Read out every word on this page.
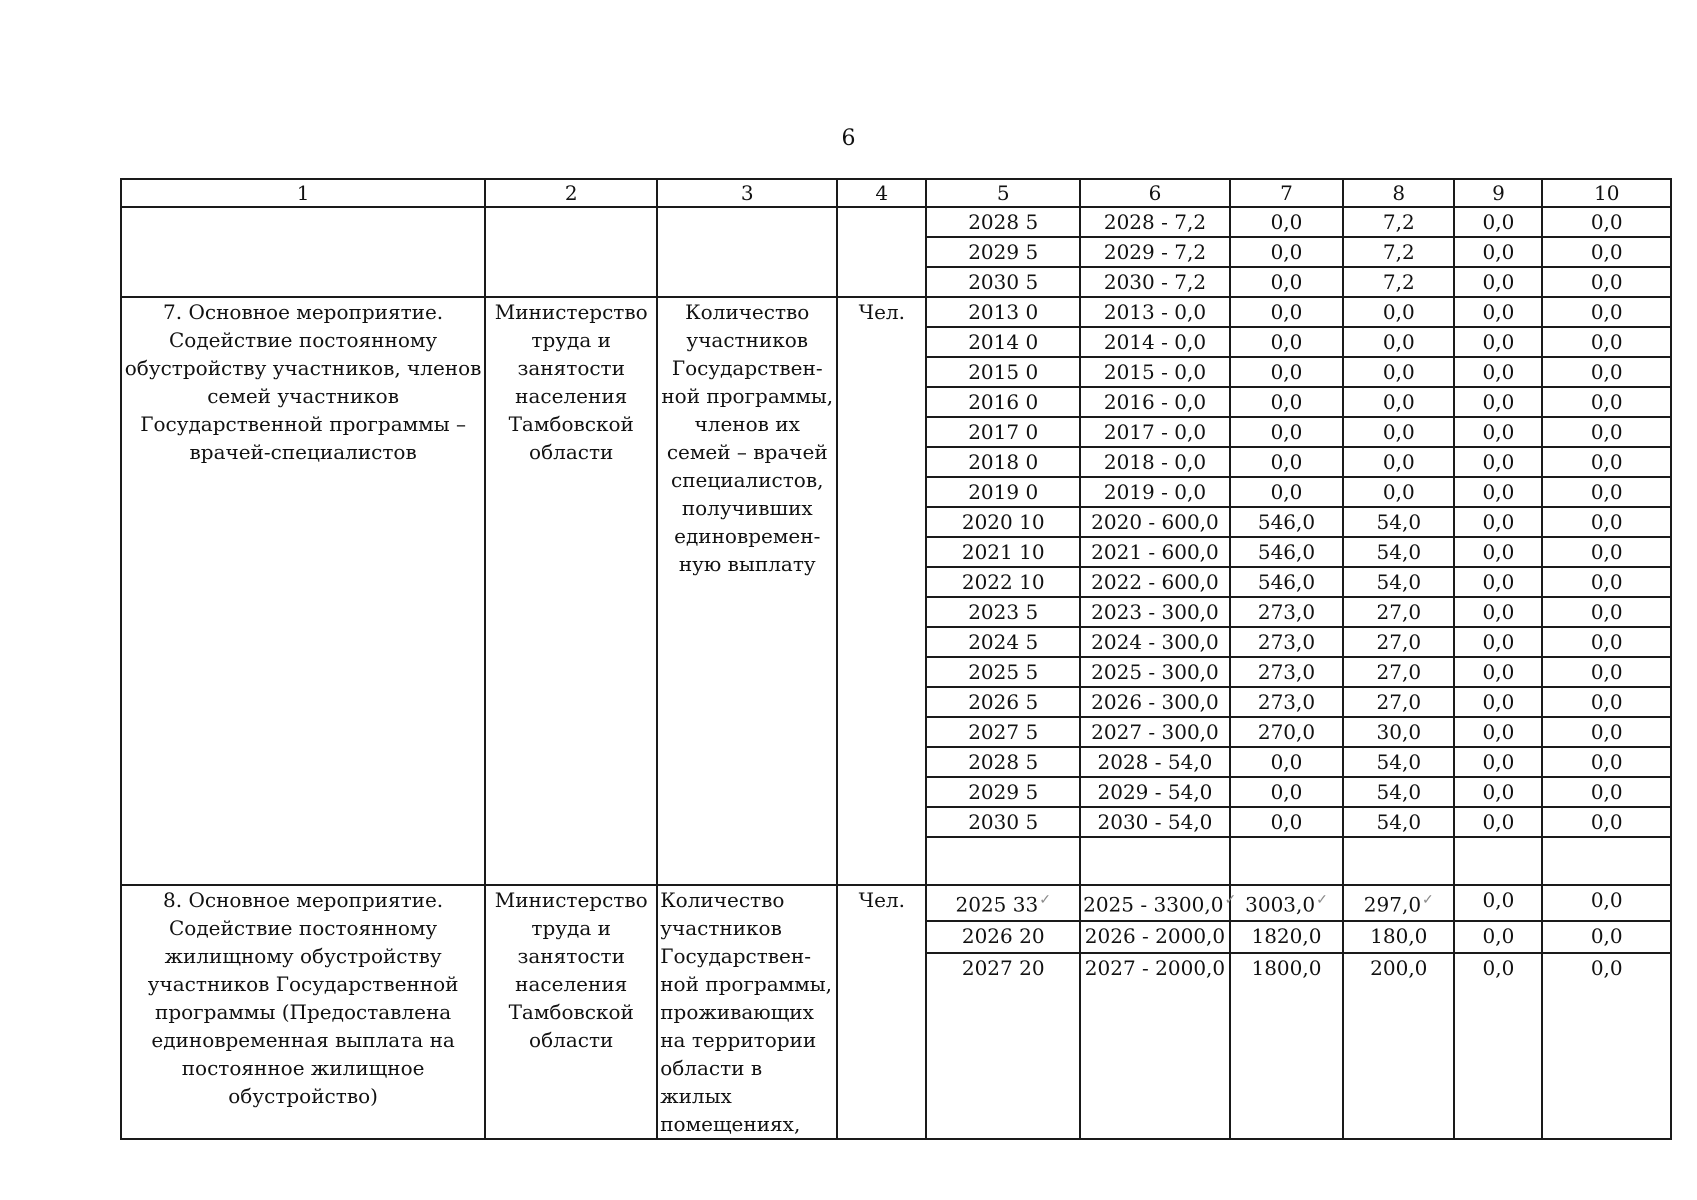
6
1	2	3	4	5	6	7	8	9	10
				2028 5	2028 - 7,2	0,0	7,2	0,0	0,0
				2029 5	2029 - 7,2	0,0	7,2	0,0	0,0
				2030 5	2030 - 7,2	0,0	7,2	0,0	0,0
7. Основное мероприятие. Содействие постоянному обустройству участников, членов семей участников Государственной программы – врачей-специалистов	Министерство труда и занятости населения Тамбовской области	Количество участников Государствен-ной программы, членов их семей – врачей специалистов, получивших единовремен-ную выплату	Чел.	2013 0	2013 - 0,0	0,0	0,0	0,0	0,0
				2014 0	2014 - 0,0	0,0	0,0	0,0	0,0
				2015 0	2015 - 0,0	0,0	0,0	0,0	0,0
				2016 0	2016 - 0,0	0,0	0,0	0,0	0,0
				2017 0	2017 - 0,0	0,0	0,0	0,0	0,0
				2018 0	2018 - 0,0	0,0	0,0	0,0	0,0
				2019 0	2019 - 0,0	0,0	0,0	0,0	0,0
				2020 10	2020 - 600,0	546,0	54,0	0,0	0,0
				2021 10	2021 - 600,0	546,0	54,0	0,0	0,0
				2022 10	2022 - 600,0	546,0	54,0	0,0	0,0
				2023 5	2023 - 300,0	273,0	27,0	0,0	0,0
				2024 5	2024 - 300,0	273,0	27,0	0,0	0,0
				2025 5	2025 - 300,0	273,0	27,0	0,0	0,0
				2026 5	2026 - 300,0	273,0	27,0	0,0	0,0
				2027 5	2027 - 300,0	270,0	30,0	0,0	0,0
				2028 5	2028 - 54,0	0,0	54,0	0,0	0,0
				2029 5	2029 - 54,0	0,0	54,0	0,0	0,0
				2030 5	2030 - 54,0	0,0	54,0	0,0	0,0

8. Основное мероприятие. Содействие постоянному жилищному обустройству участников Государственной программы (Предоставлена единовременная выплата на постоянное жилищное обустройство)	Министерство труда и занятости населения Тамбовской области	Количество участников Государствен-ной программы, проживающих на территории области в жилых помещениях,	Чел.	2025 33✓	2025 - 3300,0✓	3003,0✓	297,0✓	0,0	0,0
				2026 20	2026 - 2000,0	1820,0	180,0	0,0	0,0
				2027 20	2027 - 2000,0	1800,0	200,0	0,0	0,0
